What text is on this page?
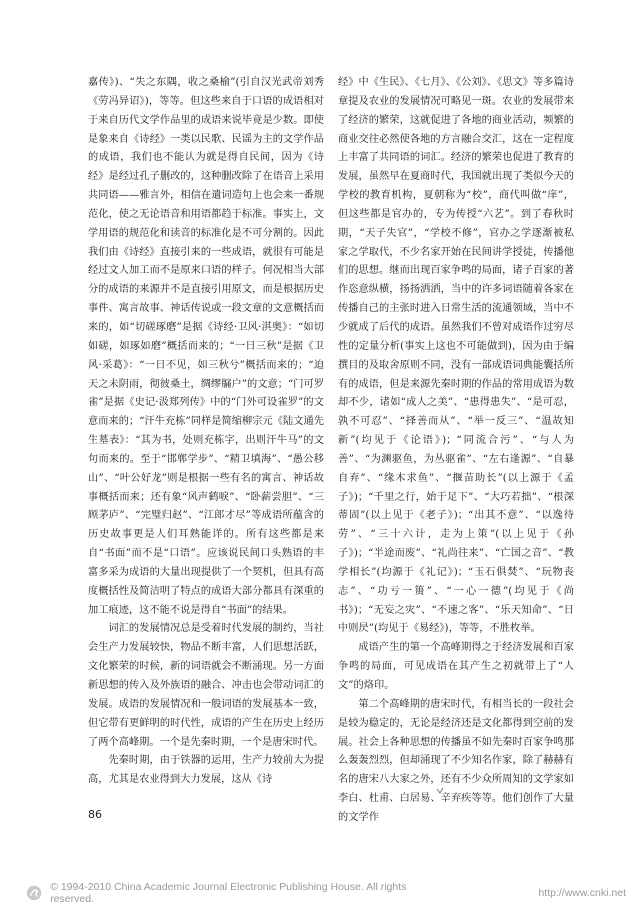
嘉传》)、“失之东隅，收之桑榆”(引自汉光武帝刘秀《劳冯异诏》)，等等。但这些来自于口语的成语相对于来自历代文学作品里的成语来说毕竟是少数。即使是象来自《诗经》一类以民歌、民谣为主的文学作品的成语，我们也不能认为就是得自民间，因为《诗经》是经过孔子删改的，这种删改除了在语音上采用共同语——雅言外，相信在遣词造句上也会来一番规范化，使之无论语音和用语都趋于标准。事实上，文学用语的规范化和读音的标准化是不可分割的。因此我们由《诗经》直接引来的一些成语，就很有可能是经过文人加工而不是原来口语的样子。何况相当大部分的成语的来源并不是直接引用原文，而是根据历史事件、寓言故事、神话传说或一段文章的文意概括而来的，如“切磋琢磨”是据《诗经·卫风·淇奥》：“如切如磋，如琢如磨”概括而来的；“一日三秋”是据《卫风·采葛》：“一日不见，如三秋兮”概括而来的；“迫天之未阴雨，彻彼桑土，绸缪牖户”的文意；“门可罗雀”是据《史记·汲郑列传》中的“门外可设雀罗”的文意而来的；“汗牛充栋”同样是简缩柳宗元《陆文通先生墓表》：“其为书，处则充栋字，出则汗牛马”的文句而来的。至于“邯郸学步”、“精卫填海”、“愚公移山”、“叶公好龙”则是根据一些有名的寓言、神话故事概括而来；还有象“风声鹤唳”、“卧薪尝胆”、“三顾茅庐”、“完璧归赵”、“江郎才尽”等成语所蕴含的历史故事更是人们耳熟能详的。所有这些都是来自“书面”而不是“口语”。应该说民间口头熟语的丰富多采为成语的大量出现提供了一个契机，但具有高度概括性及简洁明了特点的成语大部分都具有深重的加工痕迹，这不能不说是得自“书面”的结果。

词汇的发展情况总是受着时代发展的制约，当社会生产力发展较快，物品不断丰富，人们思想活跃，文化繁荣的时候，新的词语就会不断涌现。另一方面新思想的传入及外族语的融合、冲击也会带动词汇的发展。成语的发展情况和一般词语的发展基本一致，但它带有更鲜明的时代性，成语的产生在历史上经历了两个高峰期。一个是先秦时期，一个是唐宋时代。

先秦时期，由于铁器的运用，生产力较前大为提高，尤其是农业得到大力发展，这从《诗

经》中《生民》、《七月》、《公刘》、《思文》等多篇诗章提及农业的发展情况可略见一斑。农业的发展带来了经济的繁荣，这就促进了各地的商业活动，频繁的商业交往必然使各地的方言融合交汇，这在一定程度上丰富了共同语的词汇。经济的繁荣也促进了教育的发展，虽然早在夏商时代，我国就出现了类似今天的学校的教育机构，夏朝称为“校”，商代叫做“庠”，但这些都是官办的，专为传授“六艺”。到了春秋时期，“天子失官”，“学校不修”，官办之学逐渐被私家之学取代，不少名家开始在民间讲学授徒，传播他们的思想。继而出现百家争鸣的局面，诸子百家的著作恣意纵横，扬扬洒洒，当中的许多词语随着各家在传播自己的主张时进入日常生活的流通领域，当中不少就成了后代的成语。虽然我们不曾对成语作过穷尽性的定量分析(事实上这也不可能做到)，因为由于编撰目的及取舍原则不同，没有一部成语词典能囊括所有的成语，但是来源先秦时期的作品的常用成语为数却不少，诸如“成人之美”、“患得患失”、“是可忍，孰不可忍”、“择善而从”、“举一反三”、“温故知新”(均见于《论语》)；“同流合污”、“与人为善”、“为渊驱鱼，为丛驱雀”、“左右逢源”、“自暴自弃”、“缘木求鱼”、“揠苗助长”(以上源于《孟子》)；“千里之行，始于足下”、“大巧若拙”、“根深蒂固”(以上见于《老子》)；“出其不意”、“以逸待劳”、“三十六计，走为上策”(以上见于《孙子》)；“半途而废”、“礼尚往来”、“亡国之音”、“教学相长”(均源于《礼记》)；“玉石俱焚”、“玩物丧志”、“功亏一篑”、“一心一德”(均见于《尚书》)；“无妄之灾”、“不速之客”、“乐天知命”、“日中则昃”(均见于《易经》)，等等，不胜枚举。

成语产生的第一个高峰期得之于经济发展和百家争鸣的局面，可见成语在其产生之初就带上了“人文”的烙印。

第二个高峰期的唐宋时代，有相当长的一段社会是较为稳定的，无论是经济还是文化都得到空前的发展。社会上各种思想的传播虽不如先秦时百家争鸣那么轰轰烈烈，但却涌现了不少知名作家，除了赫赫有名的唐宋八大家之外，还有不少众所周知的文学家如李白、杜甫、白居易、辛弃疾等等。他们创作了大量的文学作

86
© 1994-2010 China Academic Journal Electronic Publishing House. All rights reserved.	http://www.cnki.net
